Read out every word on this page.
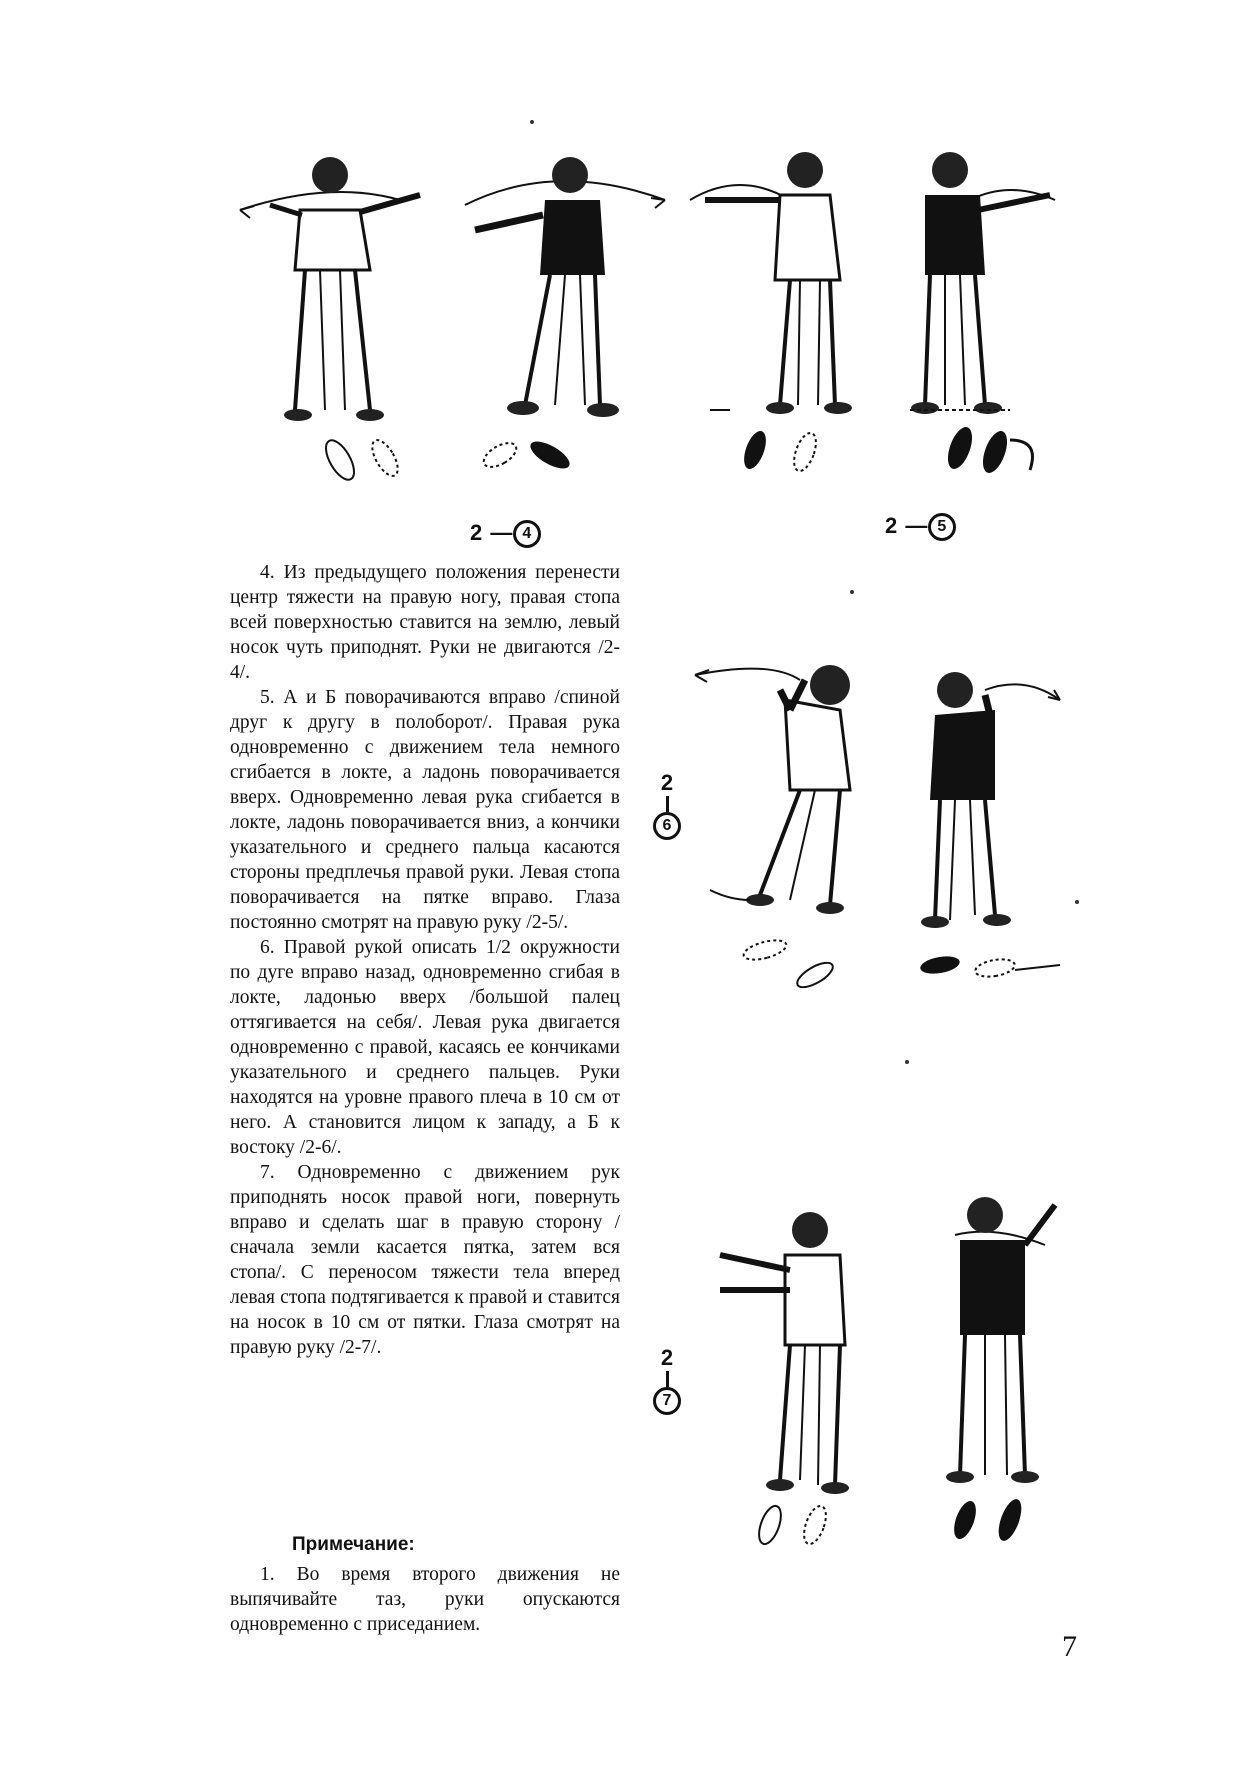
2 — 4	2 — 5
2
6
2
7

4. Из предыдущего положения перенести центр тяжести на правую ногу, правая стопа всей поверхностью ставится на землю, левый носок чуть приподнят. Руки не двигаются /2-4/.

5. А и Б поворачиваются вправо /спиной друг к другу в полоборот/. Правая рука одновременно с движением тела немного сгибается в локте, а ладонь поворачивается вверх. Одновременно левая рука сгибается в локте, ладонь поворачивается вниз, а кончики указательного и среднего пальца касаются стороны предплечья правой руки. Левая стопа поворачивается на пятке вправо. Глаза постоянно смотрят на правую руку /2-5/.

6. Правой рукой описать 1/2 окружности по дуге вправо назад, одновременно сгибая в локте, ладонью вверх /большой палец оттягивается на себя/. Левая рука двигается одновременно с правой, касаясь ее кончиками указательного и среднего пальцев. Руки находятся на уровне правого плеча в 10 см от него. А становится лицом к западу, а Б к востоку /2-6/.

7. Одновременно с движением рук приподнять носок правой ноги, повернуть вправо и сделать шаг в правую сторону /сначала земли касается пятка, затем вся стопа/. С переносом тяжести тела вперед левая стопа подтягивается к правой и ставится на носок в 10 см от пятки. Глаза смотрят на правую руку /2-7/.

Примечание:

1. Во время второго движения не выпячивайте таз, руки опускаются одновременно с приседанием.

7
